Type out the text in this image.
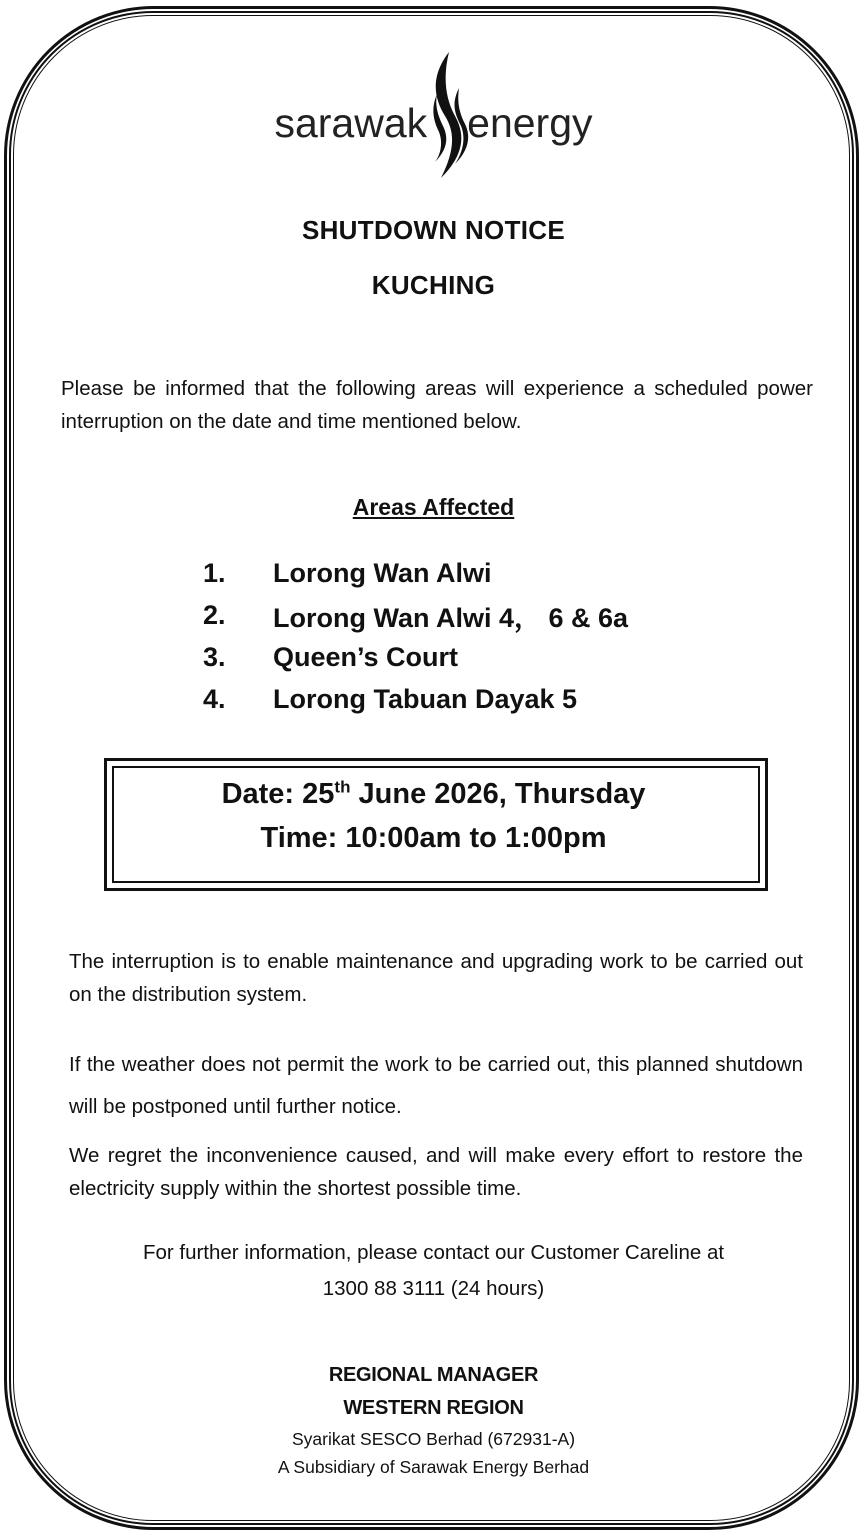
sarawak energy
SHUTDOWN NOTICE
KUCHING
Please be informed that the following areas will experience a scheduled power interruption on the date and time mentioned below.
Areas Affected
1.	Lorong Wan Alwi
2.	Lorong Wan Alwi 4， 6 & 6a
3.	Queen’s Court
4.	Lorong Tabuan Dayak 5
Date: 25th June 2026, Thursday
Time: 10:00am to 1:00pm
The interruption is to enable maintenance and upgrading work to be carried out on the distribution system.
If the weather does not permit the work to be carried out, this planned shutdown will be postponed until further notice.
We regret the inconvenience caused, and will make every effort to restore the electricity supply within the shortest possible time.
For further information, please contact our Customer Careline at
1300 88 3111 (24 hours)
REGIONAL MANAGER
WESTERN REGION
Syarikat SESCO Berhad (672931-A)
A Subsidiary of Sarawak Energy Berhad
